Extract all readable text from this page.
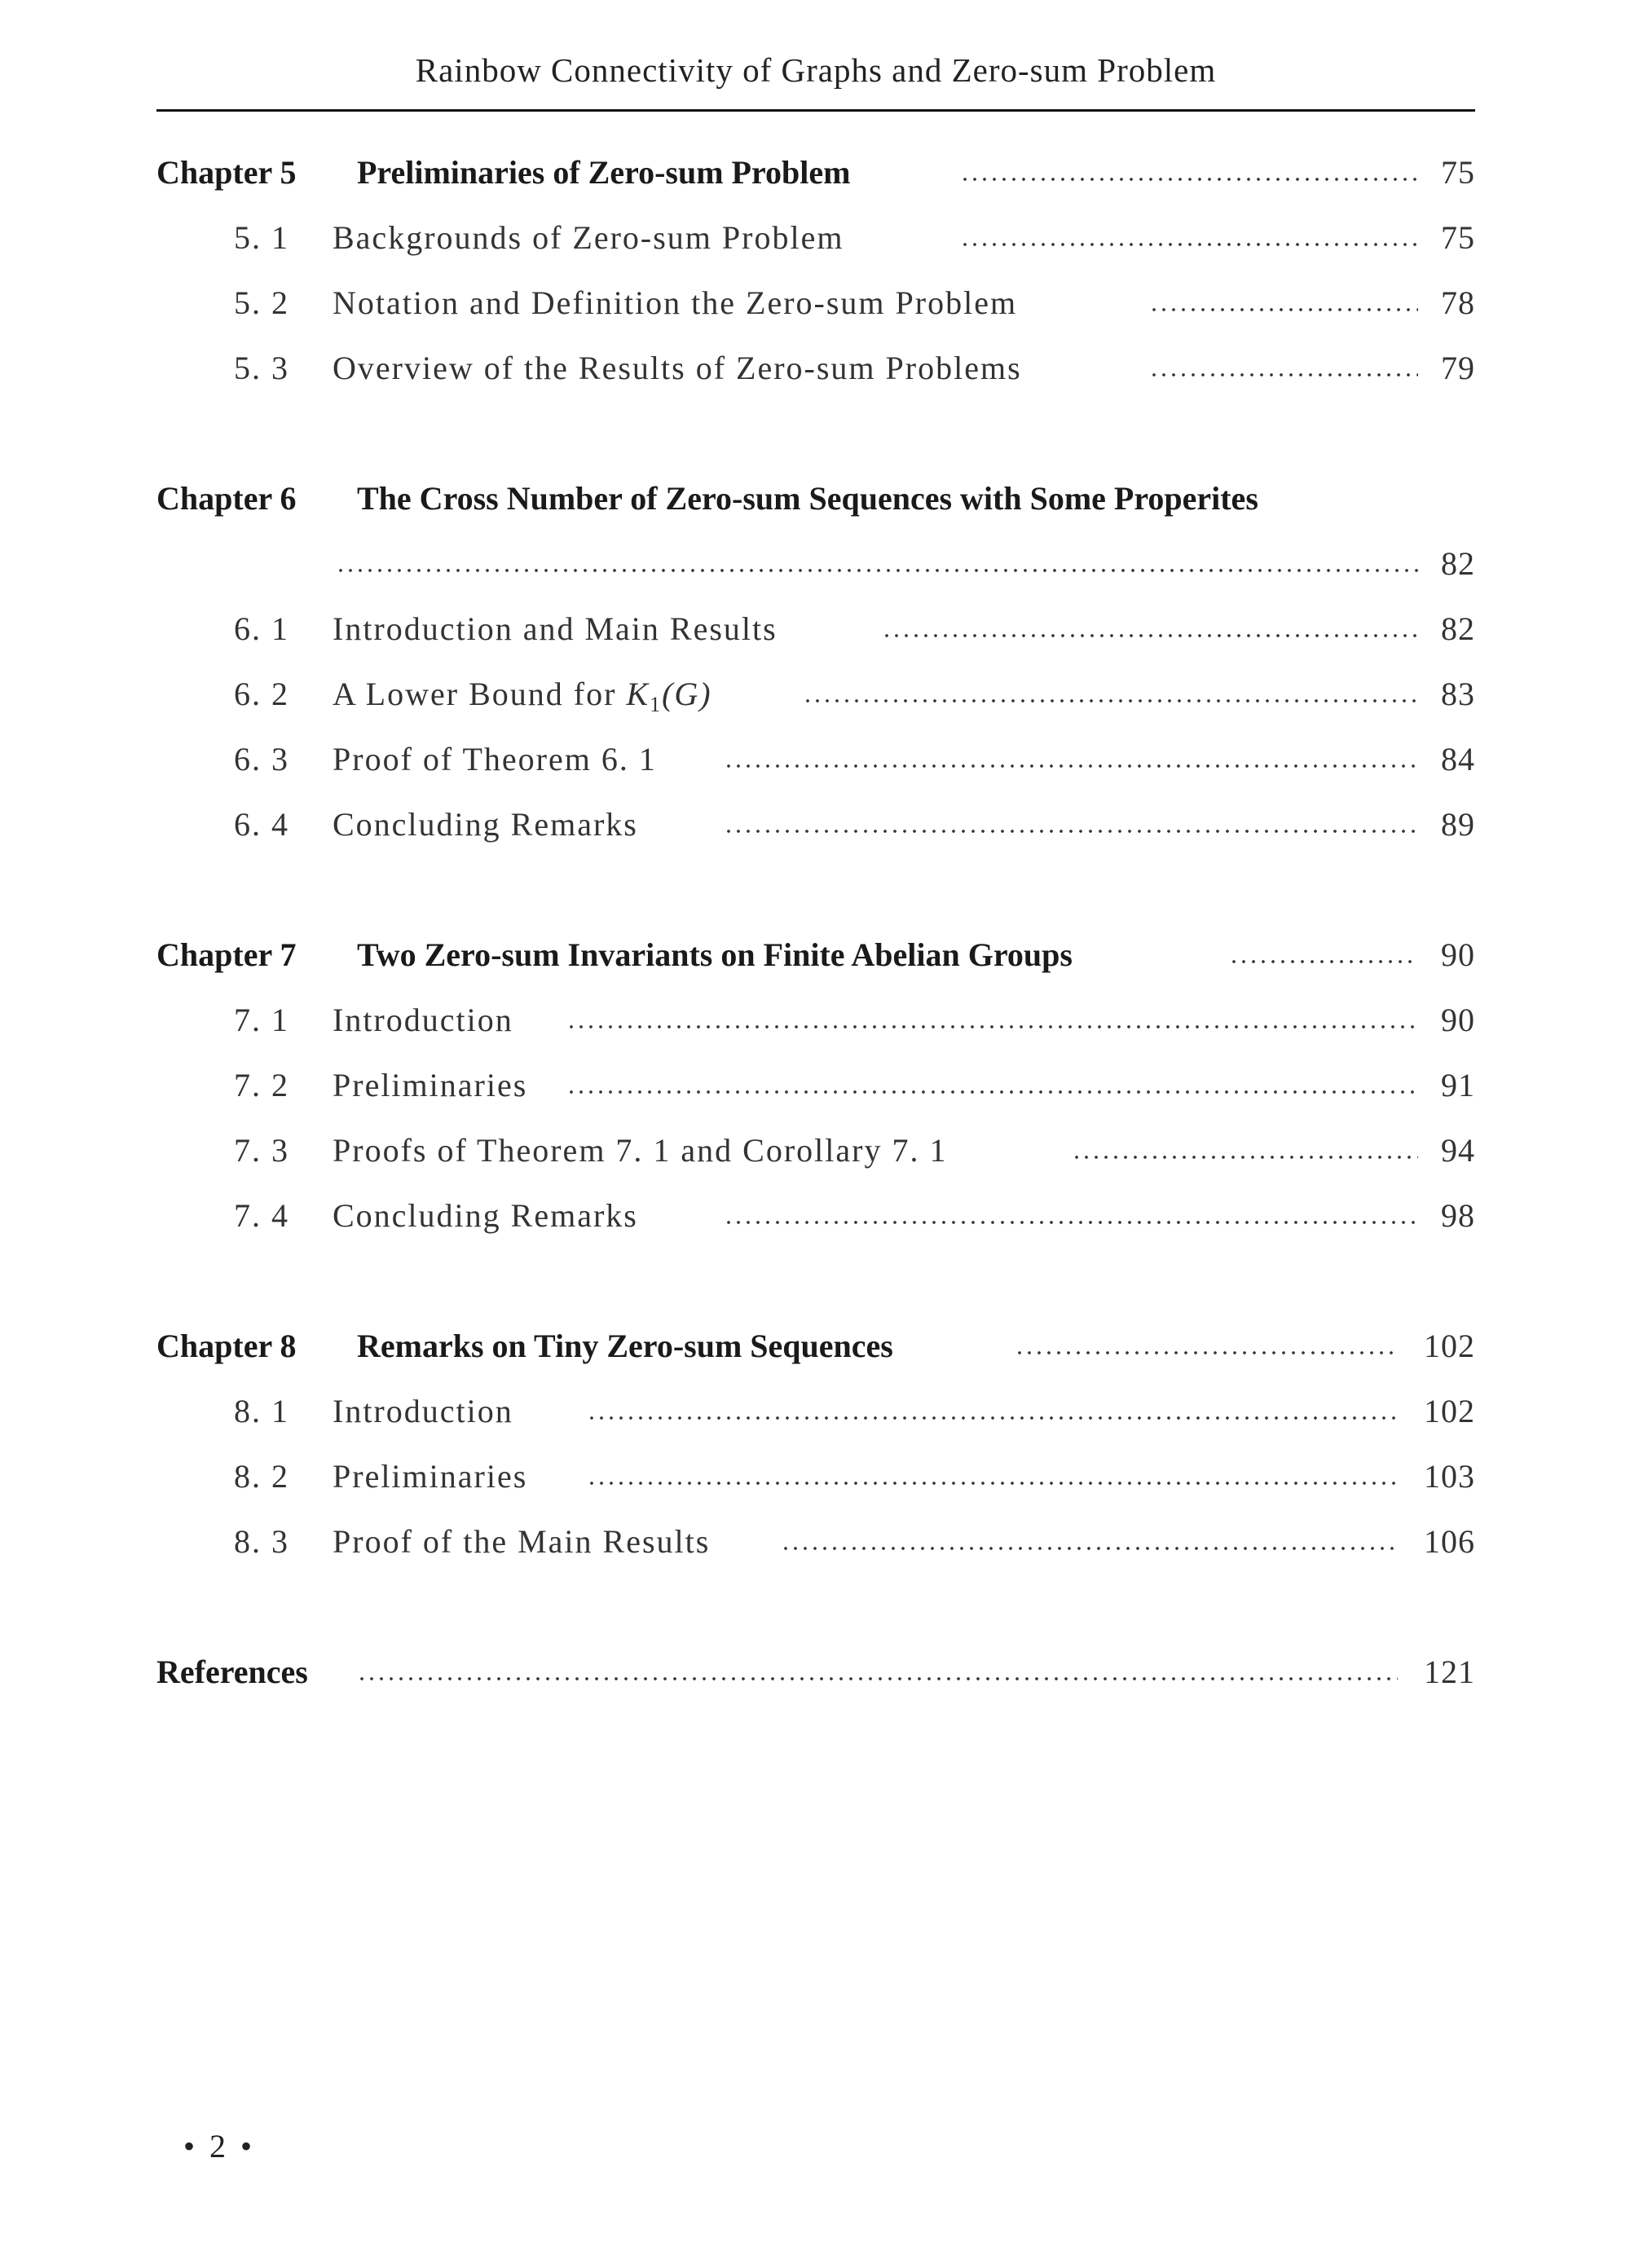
Rainbow Connectivity of Graphs and Zero-sum Problem
Chapter 5 Preliminaries of Zero-sum Problem	75
5. 1 Backgrounds of Zero-sum Problem	75
5. 2 Notation and Definition the Zero-sum Problem	78
5. 3 Overview of the Results of Zero-sum Problems	79
Chapter 6 The Cross Number of Zero-sum Sequences with Some Properites
82
6. 1 Introduction and Main Results	82
6. 2 A Lower Bound for $K_1(G)$	83
6. 3 Proof of Theorem 6. 1	84
6. 4 Concluding Remarks	89
Chapter 7 Two Zero-sum Invariants on Finite Abelian Groups	90
7. 1 Introduction	90
7. 2 Preliminaries	91
7. 3 Proofs of Theorem 7. 1 and Corollary 7. 1	94
7. 4 Concluding Remarks	98
Chapter 8 Remarks on Tiny Zero-sum Sequences	102
8. 1 Introduction	102
8. 2 Preliminaries	103
8. 3 Proof of the Main Results	106
References	121
•2•
